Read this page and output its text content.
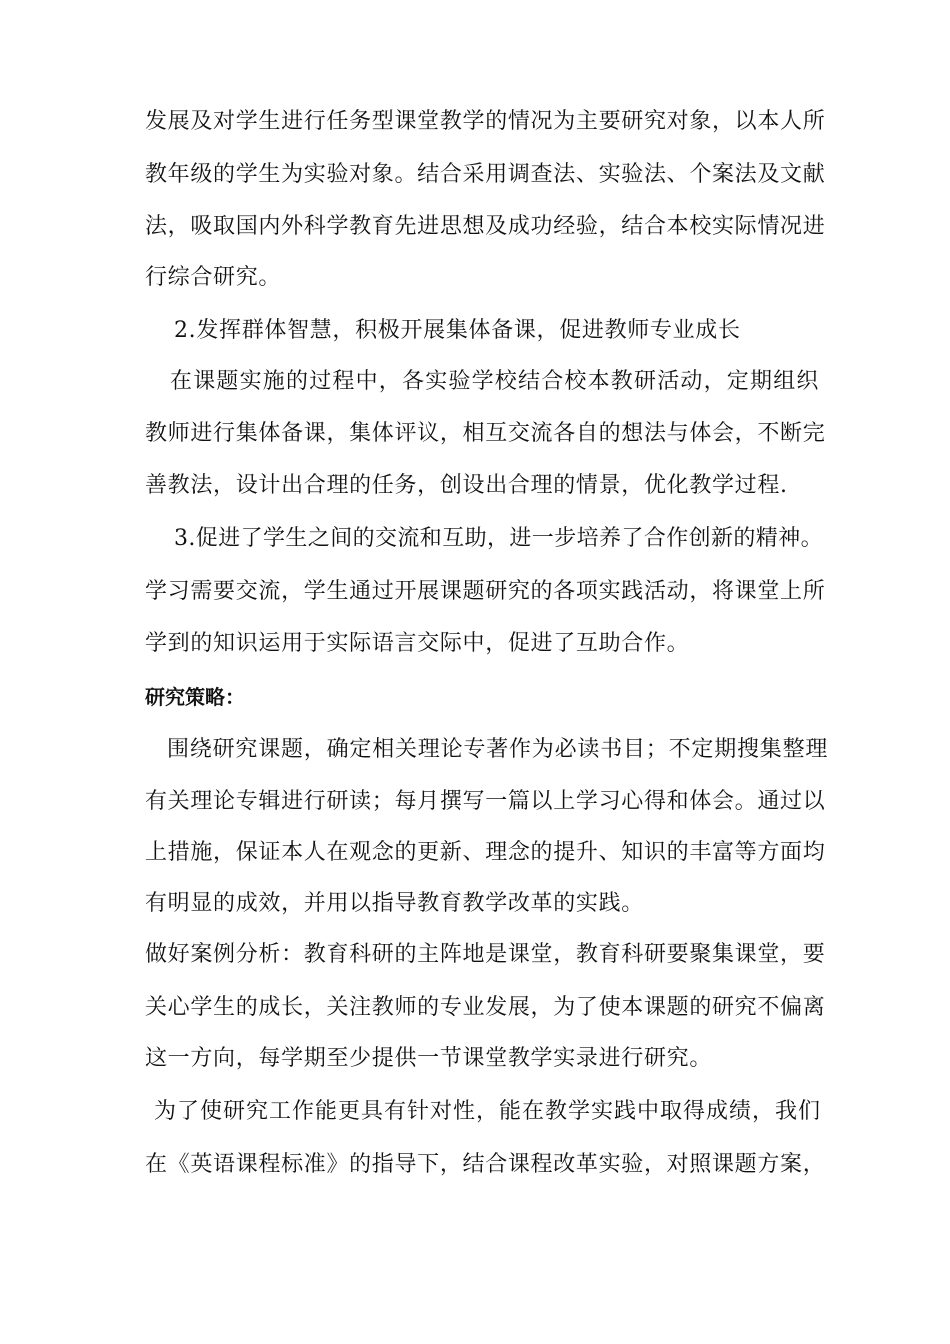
发展及对学生进行任务型课堂教学的情况为主要研究对象，以本人所
教年级的学生为实验对象。结合采用调查法、实验法、个案法及文献
法，吸取国内外科学教育先进思想及成功经验，结合本校实际情况进
行综合研究。
2.发挥群体智慧，积极开展集体备课，促进教师专业成长
在课题实施的过程中，各实验学校结合校本教研活动，定期组织
教师进行集体备课，集体评议，相互交流各自的想法与体会，不断完
善教法，设计出合理的任务，创设出合理的情景，优化教学过程.
3.促进了学生之间的交流和互助，进一步培养了合作创新的精神。
学习需要交流，学生通过开展课题研究的各项实践活动，将课堂上所
学到的知识运用于实际语言交际中，促进了互助合作。
研究策略：
围绕研究课题，确定相关理论专著作为必读书目；不定期搜集整理
有关理论专辑进行研读；每月撰写一篇以上学习心得和体会。通过以
上措施，保证本人在观念的更新、理念的提升、知识的丰富等方面均
有明显的成效，并用以指导教育教学改革的实践。
做好案例分析：教育科研的主阵地是课堂，教育科研要聚集课堂，要
关心学生的成长，关注教师的专业发展，为了使本课题的研究不偏离
这一方向，每学期至少提供一节课堂教学实录进行研究。
为了使研究工作能更具有针对性，能在教学实践中取得成绩，我们
在《英语课程标准》的指导下，结合课程改革实验，对照课题方案，
